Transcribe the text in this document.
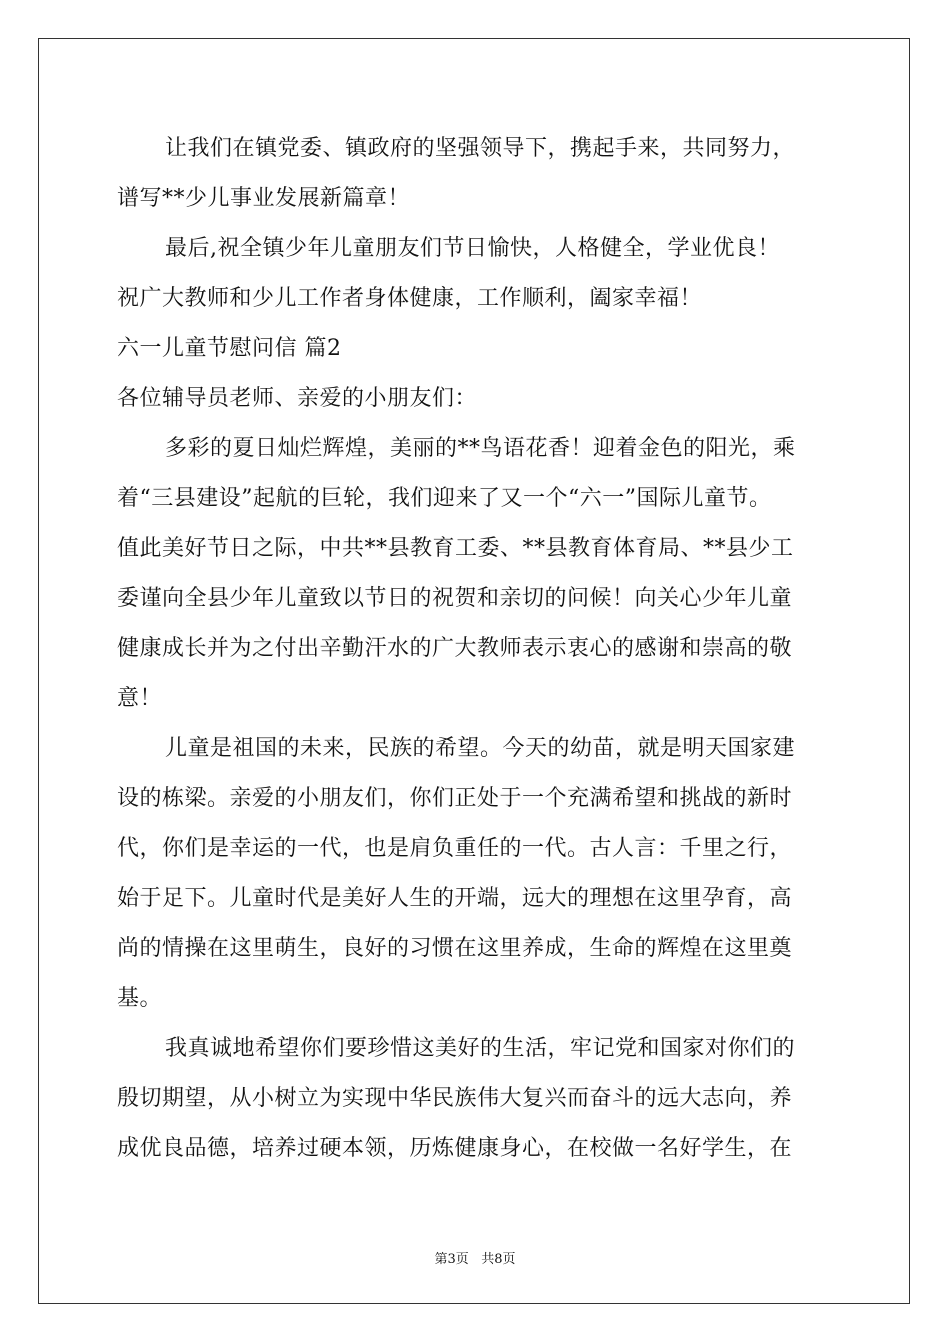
让我们在镇党委、镇政府的坚强领导下，携起手来，共同努力，
谱写**少儿事业发展新篇章！
最后,祝全镇少年儿童朋友们节日愉快，人格健全，学业优良！
祝广大教师和少儿工作者身体健康，工作顺利，阖家幸福！
六一儿童节慰问信 篇2
各位辅导员老师、亲爱的小朋友们：
多彩的夏日灿烂辉煌，美丽的**鸟语花香！迎着金色的阳光，乘
着“三县建设”起航的巨轮，我们迎来了又一个“六一”国际儿童节。
值此美好节日之际，中共**县教育工委、**县教育体育局、**县少工
委谨向全县少年儿童致以节日的祝贺和亲切的问候！向关心少年儿童
健康成长并为之付出辛勤汗水的广大教师表示衷心的感谢和崇高的敬
意！
儿童是祖国的未来，民族的希望。今天的幼苗，就是明天国家建
设的栋梁。亲爱的小朋友们，你们正处于一个充满希望和挑战的新时
代，你们是幸运的一代，也是肩负重任的一代。古人言：千里之行，
始于足下。儿童时代是美好人生的开端，远大的理想在这里孕育，高
尚的情操在这里萌生，良好的习惯在这里养成，生命的辉煌在这里奠
基。
我真诚地希望你们要珍惜这美好的生活，牢记党和国家对你们的
殷切期望，从小树立为实现中华民族伟大复兴而奋斗的远大志向，养
成优良品德，培养过硬本领，历炼健康身心，在校做一名好学生，在
第3页 共8页
